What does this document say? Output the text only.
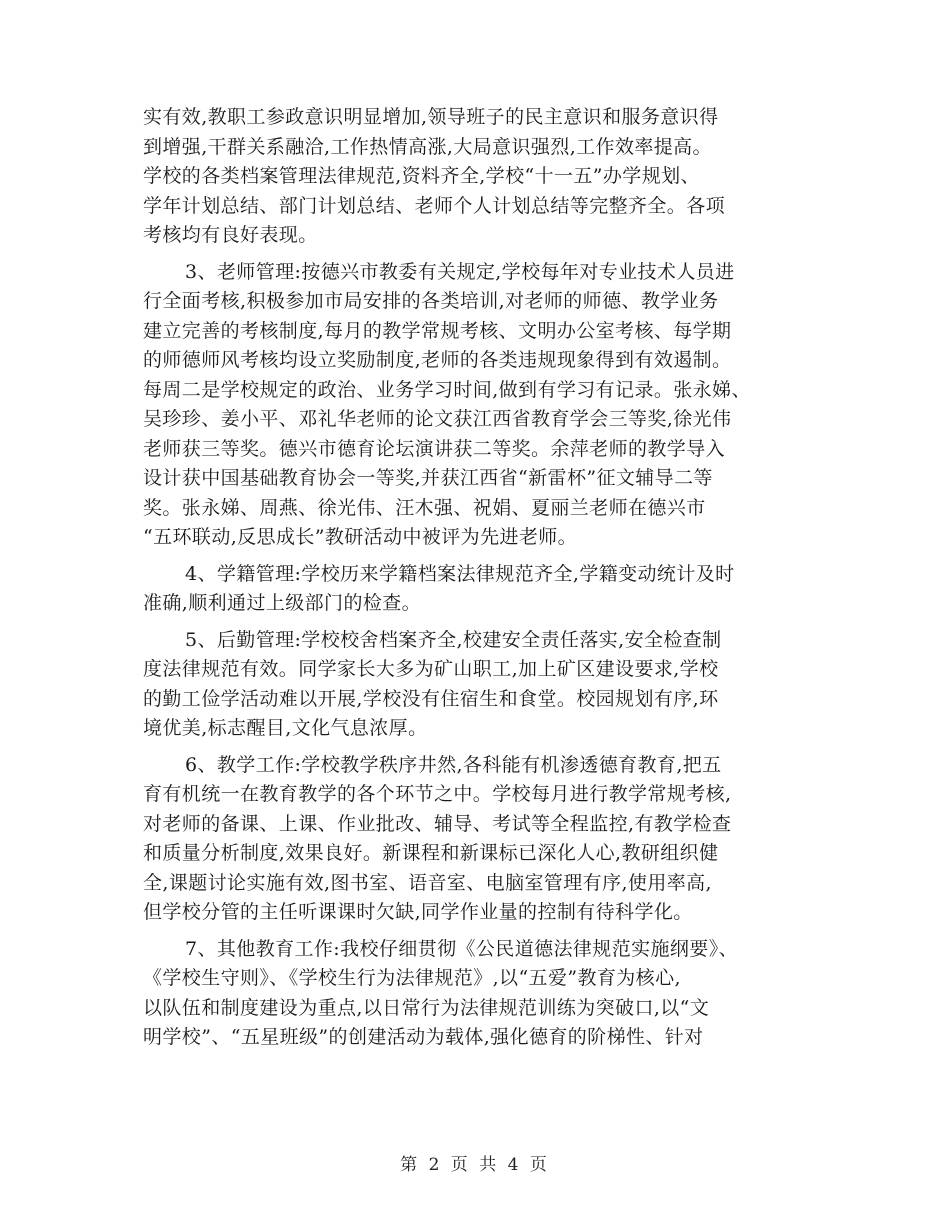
实有效,教职工参政意识明显增加,领导班子的民主意识和服务意识得
到增强,干群关系融洽,工作热情高涨,大局意识强烈,工作效率提高。
学校的各类档案管理法律规范,资料齐全,学校“十一五”办学规划、
学年计划总结、部门计划总结、老师个人计划总结等完整齐全。各项
考核均有良好表现。
3、老师管理:按德兴市教委有关规定,学校每年对专业技术人员进
行全面考核,积极参加市局安排的各类培训,对老师的师德、教学业务
建立完善的考核制度,每月的教学常规考核、文明办公室考核、每学期
的师德师风考核均设立奖励制度,老师的各类违规现象得到有效遏制。
每周二是学校规定的政治、业务学习时间,做到有学习有记录。张永娣、
吴珍珍、姜小平、邓礼华老师的论文获江西省教育学会三等奖,徐光伟
老师获三等奖。德兴市德育论坛演讲获二等奖。余萍老师的教学导入
设计获中国基础教育协会一等奖,并获江西省“新雷杯”征文辅导二等
奖。张永娣、周燕、徐光伟、汪木强、祝娟、夏丽兰老师在德兴市
“五环联动,反思成长”教研活动中被评为先进老师。
4、学籍管理:学校历来学籍档案法律规范齐全,学籍变动统计及时
准确,顺利通过上级部门的检查。
5、后勤管理:学校校舍档案齐全,校建安全责任落实,安全检查制
度法律规范有效。同学家长大多为矿山职工,加上矿区建设要求,学校
的勤工俭学活动难以开展,学校没有住宿生和食堂。校园规划有序,环
境优美,标志醒目,文化气息浓厚。
6、教学工作:学校教学秩序井然,各科能有机渗透德育教育,把五
育有机统一在教育教学的各个环节之中。学校每月进行教学常规考核,
对老师的备课、上课、作业批改、辅导、考试等全程监控,有教学检查
和质量分析制度,效果良好。新课程和新课标已深化人心,教研组织健
全,课题讨论实施有效,图书室、语音室、电脑室管理有序,使用率高,
但学校分管的主任听课课时欠缺,同学作业量的控制有待科学化。
7、其他教育工作:我校仔细贯彻《公民道德法律规范实施纲要》、
《学校生守则》、《学校生行为法律规范》,以“五爱”教育为核心,
以队伍和制度建设为重点,以日常行为法律规范训练为突破口,以“文
明学校”、“五星班级”的创建活动为载体,强化德育的阶梯性、针对
第 2 页 共 4 页
